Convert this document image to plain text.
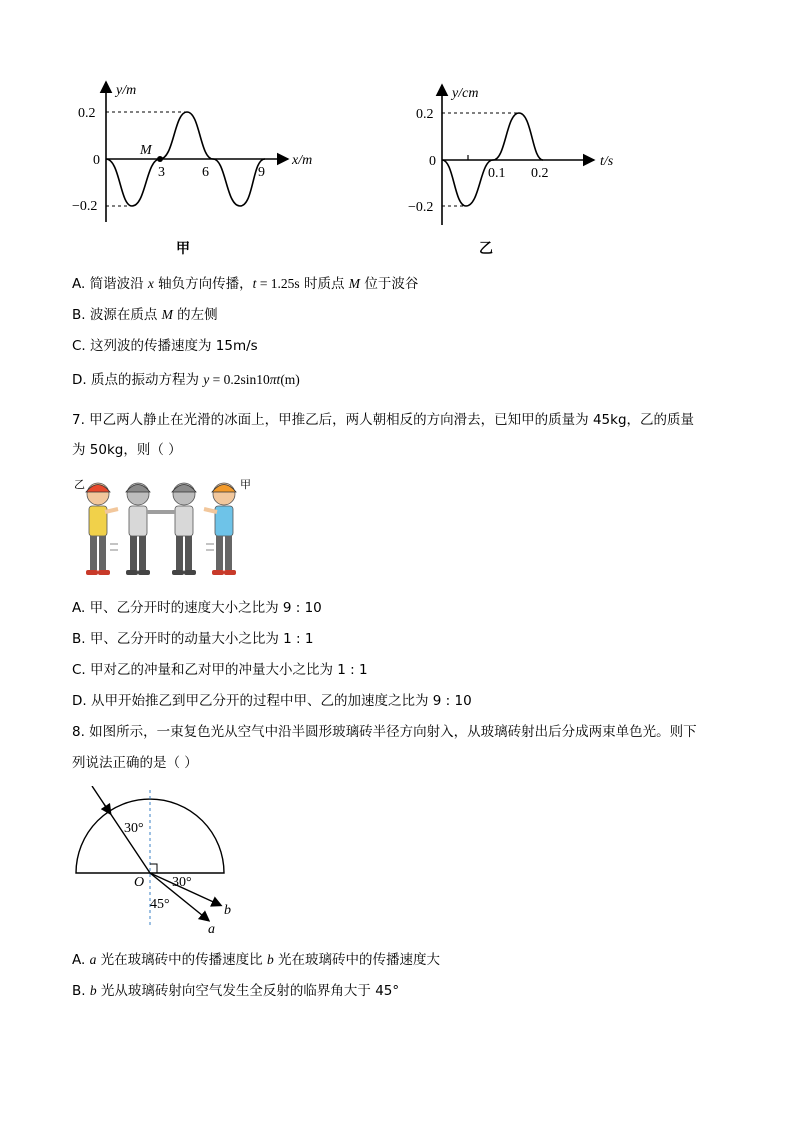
y/m
x/m
0.2
−0.2
0
M
3	6	9
甲
y/cm
t/s
0.2
−0.2
0
0.1 0.2
乙
A. 简谐波沿 x 轴负方向传播，t = 1.25s 时质点 M 位于波谷
B. 波源在质点 M 的左侧
C. 这列波的传播速度为 15m/s
D. 质点的振动方程为 y = 0.2sin10πt(m)
7. 甲乙两人静止在光滑的冰面上，甲推乙后，两人朝相反的方向滑去，已知甲的质量为 45kg，乙的质量
为 50kg，则（ ）
乙	甲
A. 甲、乙分开时的速度大小之比为 9 : 10
B. 甲、乙分开时的动量大小之比为 1 : 1
C. 甲对乙的冲量和乙对甲的冲量大小之比为 1 : 1
D. 从甲开始推乙到甲乙分开的过程中甲、乙的加速度之比为 9 : 10
8. 如图所示，一束复色光从空气中沿半圆形玻璃砖半径方向射入，从玻璃砖射出后分成两束单色光。则下
列说法正确的是（ ）
30°
30°
45°
O
b
a
A. a 光在玻璃砖中的传播速度比 b 光在玻璃砖中的传播速度大
B. b 光从玻璃砖射向空气发生全反射的临界角大于 45°
